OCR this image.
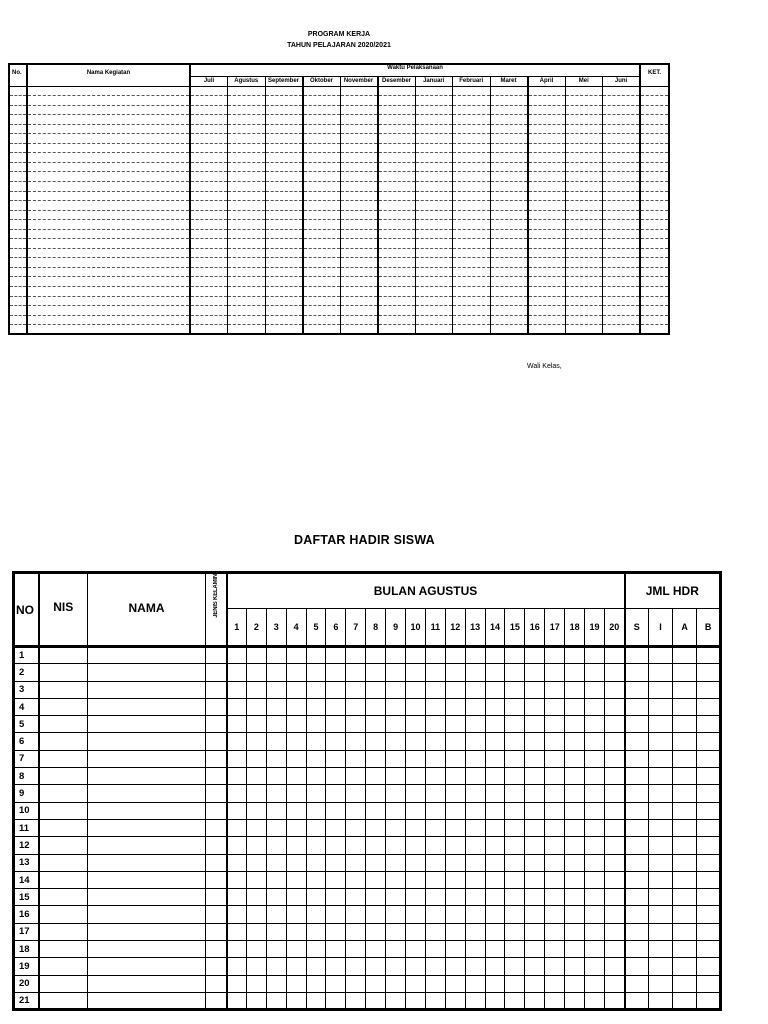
PROGRAM KERJA
TAHUN PELAJARAN 2020/2021
No.	Nama Kegiatan	Waktu Pelaksanaan												KET.
		Juli	Agustus	September	Oktober	November	Desember	Januari	Februari	Maret	April	Mei	Juni	

Wali Kelas,
DAFTAR HADIR SISWA
NO	NIS	NAMA	JENIS KELAMIN	BULAN AGUSTUS																				JML HDR			
				1	2	3	4	5	6	7	8	9	10	11	12	13	14	15	16	17	18	19	20	S	I	A	B
1																											
2																											
3																											
4																											
5																											
6																											
7																											
8																											
9																											
10																											
11																											
12																											
13																											
14																											
15																											
16																											
17																											
18																											
19																											
20																											
21																											
